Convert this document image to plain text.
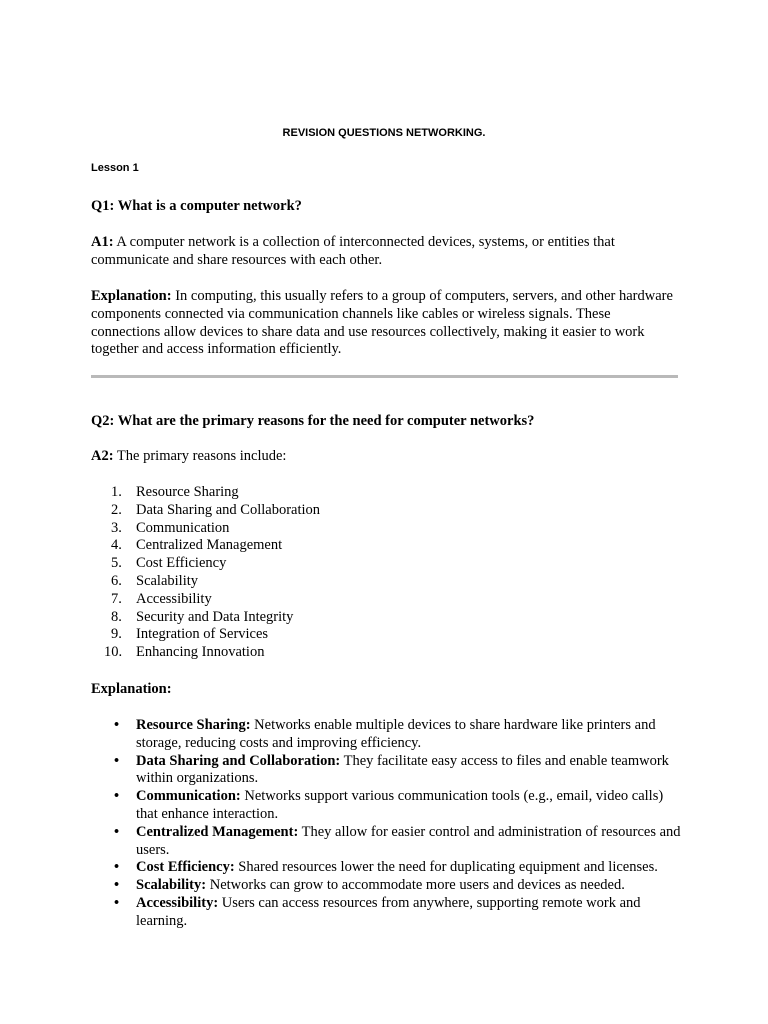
REVISION QUESTIONS NETWORKING.
Lesson 1
Q1: What is a computer network?
A1: A computer network is a collection of interconnected devices, systems, or entities that communicate and share resources with each other.
Explanation: In computing, this usually refers to a group of computers, servers, and other hardware components connected via communication channels like cables or wireless signals. These connections allow devices to share data and use resources collectively, making it easier to work together and access information efficiently.
Q2: What are the primary reasons for the need for computer networks?
A2: The primary reasons include:
1. Resource Sharing
2. Data Sharing and Collaboration
3. Communication
4. Centralized Management
5. Cost Efficiency
6. Scalability
7. Accessibility
8. Security and Data Integrity
9. Integration of Services
10. Enhancing Innovation
Explanation:
• Resource Sharing: Networks enable multiple devices to share hardware like printers and storage, reducing costs and improving efficiency.
• Data Sharing and Collaboration: They facilitate easy access to files and enable teamwork within organizations.
• Communication: Networks support various communication tools (e.g., email, video calls) that enhance interaction.
• Centralized Management: They allow for easier control and administration of resources and users.
• Cost Efficiency: Shared resources lower the need for duplicating equipment and licenses.
• Scalability: Networks can grow to accommodate more users and devices as needed.
• Accessibility: Users can access resources from anywhere, supporting remote work and learning.
